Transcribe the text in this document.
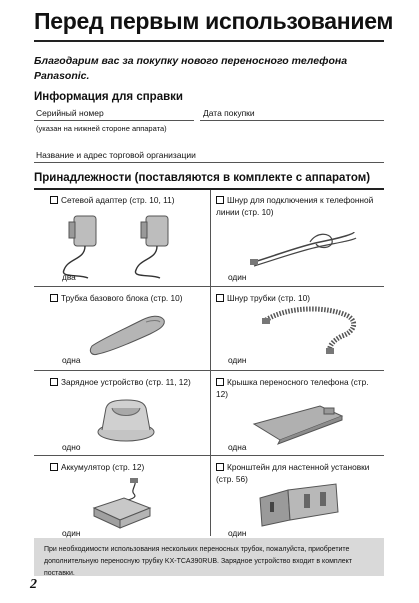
Перед первым использованием
Благодарим вас за покупку нового переносного телефона Panasonic.
Информация для справки
Серийный номер	Дата покупки
(указан на нижней стороне аппарата)
Название и адрес торговой организации
Принадлежности (поставляются в комплекте с аппаратом)
Сетевой адаптер (стр. 10, 11)	Шнур для подключения к телефонной линии (стр. 10)
два	один
Трубка базового блока (стр. 10)	Шнур трубки (стр. 10)
одна	один
Зарядное устройство (стр. 11, 12)	Крышка переносного телефона (стр. 12)
одно	одна
Аккумулятор (стр. 12)	Кронштейн для настенной установки (стр. 56)
один	один
При необходимости использования нескольких переносных трубок, пожалуйста, приобретите дополнительную переносную трубку KX-TCA390RUB. Зарядное устройство входит в комплект поставки.
2
